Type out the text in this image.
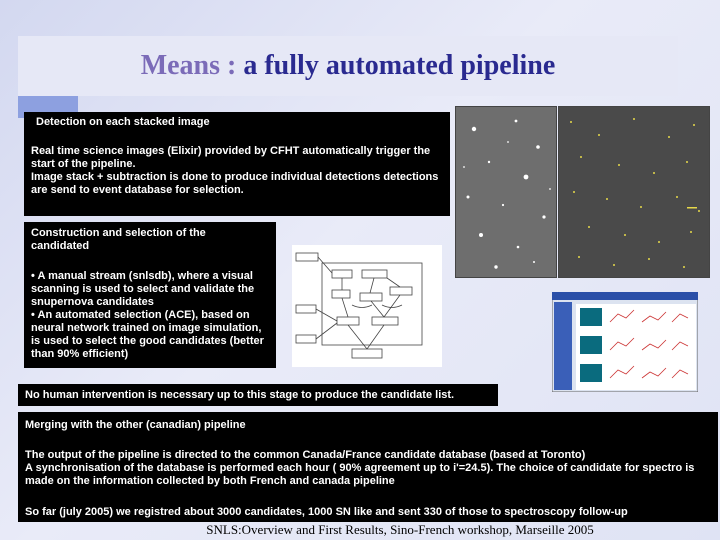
Means : a fully automated pipeline
Detection on each stacked image
Real time science images (Elixir) provided by CFHT automatically trigger the start of the pipeline.
Image stack + subtraction is done to produce individual detections detections are send to event database for selection.
Construction and selection of the candidated
• A manual stream (snlsdb), where a visual scanning is used to select and validate the snupernova candidates
• An automated selection (ACE), based on neural network trained on image simulation, is used to select the good candidates (better than 90% efficient)
No human intervention is necessary up to this stage to produce the candidate list.
Merging with the other (canadian) pipeline
The output of the pipeline is directed to the common Canada/France candidate database (based at Toronto)
A synchronisation of the database is performed each hour ( 90% agreement up to i'=24.5). The choice of candidate for spectro is made on the information collected by both French and canada pipeline
So far (july 2005) we registred about 3000 candidates, 1000 SN like and sent 330 of those to spectroscopy follow-up
SNLS:Overview and First Results, Sino-French workshop, Marseille 2005
